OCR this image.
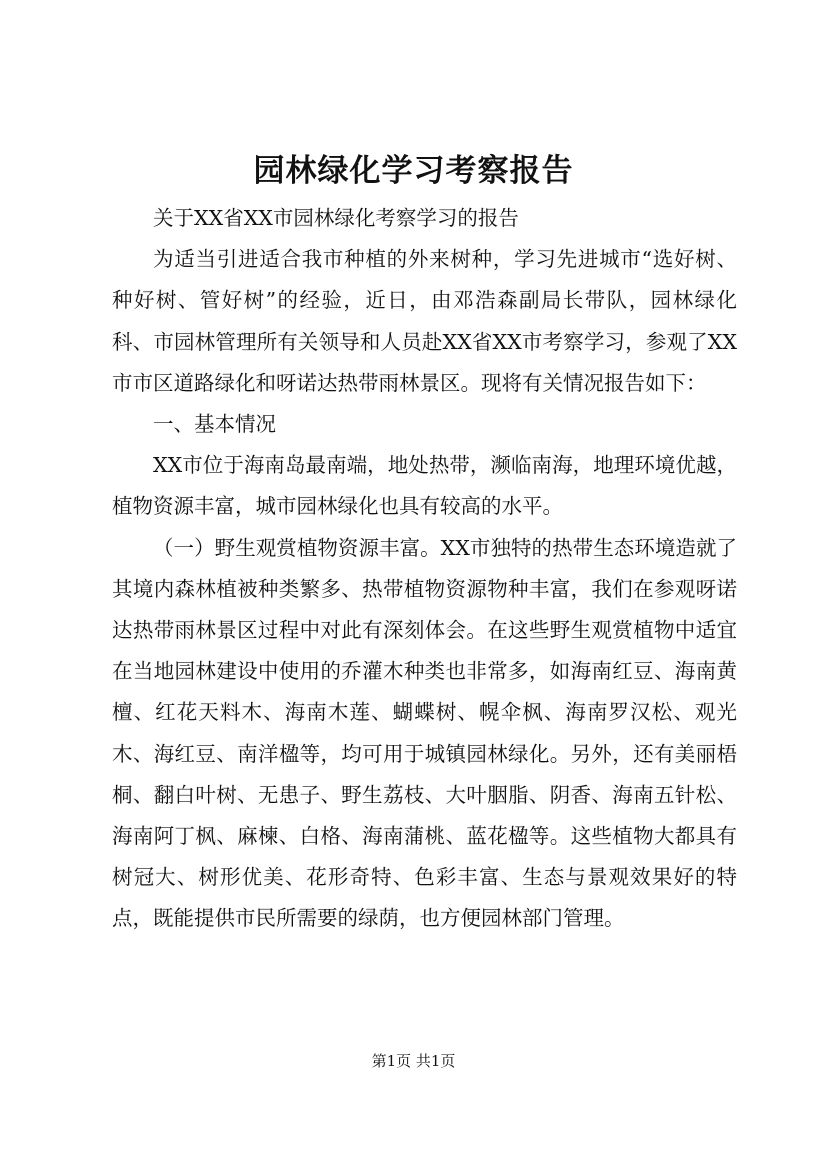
园林绿化学习考察报告

关于XX省XX市园林绿化考察学习的报告

为适当引进适合我市种植的外来树种，学习先进城市“选好树、种好树、管好树”的经验，近日，由邓浩森副局长带队，园林绿化科、市园林管理所有关领导和人员赴XX省XX市考察学习，参观了XX市市区道路绿化和呀诺达热带雨林景区。现将有关情况报告如下：

一、基本情况

XX市位于海南岛最南端，地处热带，濒临南海，地理环境优越，植物资源丰富，城市园林绿化也具有较高的水平。

（一）野生观赏植物资源丰富。XX市独特的热带生态环境造就了其境内森林植被种类繁多、热带植物资源物种丰富，我们在参观呀诺达热带雨林景区过程中对此有深刻体会。在这些野生观赏植物中适宜在当地园林建设中使用的乔灌木种类也非常多，如海南红豆、海南黄檀、红花天料木、海南木莲、蝴蝶树、幌伞枫、海南罗汉松、观光木、海红豆、南洋楹等，均可用于城镇园林绿化。另外，还有美丽梧桐、翻白叶树、无患子、野生荔枝、大叶胭脂、阴香、海南五针松、海南阿丁枫、麻楝、白格、海南蒲桃、蓝花楹等。这些植物大都具有树冠大、树形优美、花形奇特、色彩丰富、生态与景观效果好的特点，既能提供市民所需要的绿荫，也方便园林部门管理。

第1页 共1页
